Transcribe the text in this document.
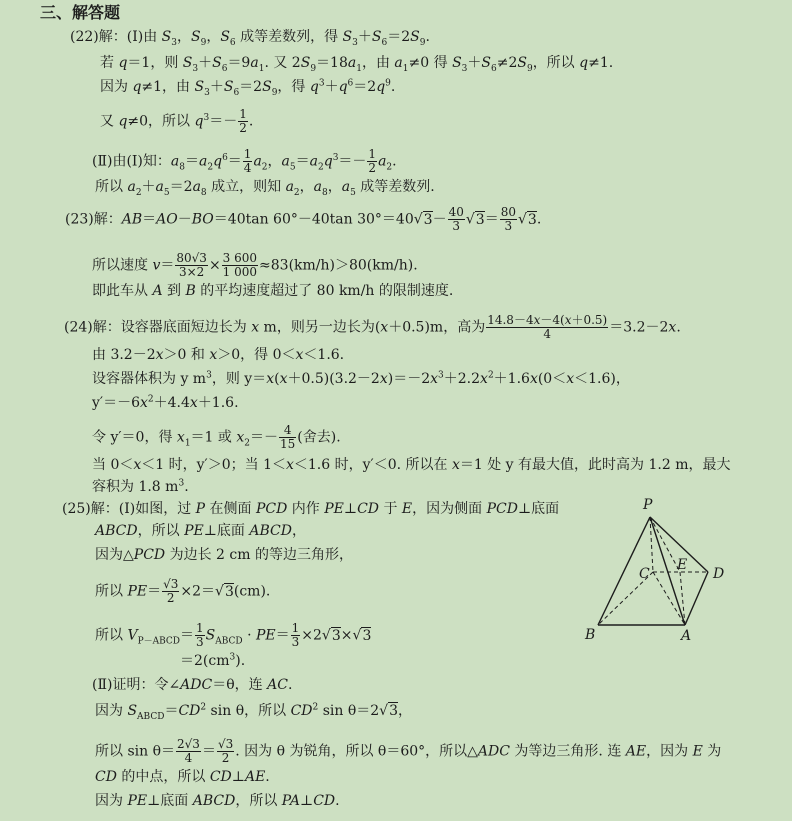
三、解答题
(22)解：(Ⅰ)由 $S_3$，$S_9$，$S_6$ 成等差数列，得 $S_3+S_6=2S_9$.
若 q＝1，则 $S_3+S_6=9a_1$. 又 $2S_9=18a_1$，由 $a_1\ne 0$ 得 $S_3+S_6\ne 2S_9$，所以 q≠1.
因为 q≠1，由 $S_3+S_6=2S_9$，得 $q^3+q^6=2q^9$.
又 q≠0，所以 $q^3=- \frac{1}{2}$ .
(Ⅱ)由(Ⅰ)知：$a_8=a_2q^6= \frac{1}{4} a_2$，$a_5=a_2q^3=- \frac{1}{2} a_2$.
所以 $a_2+a_5=2a_8$ 成立，则知 $a_2$，$a_8$，$a_5$ 成等差数列.
(23)解：AB＝AO－BO＝40tan 60°－40tan $30^\circ=40√3- \frac{40}{3} √3= \frac{80}{3} √3$.
所以速度 $v= \frac{80√3}{3\times 2} \times \frac{3 600}{1 000} \approx 83(km/h)>80(km/h)$.
即此车从 A 到 B 的平均速度超过了 80 km/h 的限制速度.
(24)解：设容器底面短边长为 x m，则另一边长为(x＋0.5)m，高为 $\frac{14.8-4x-4(x+0.5)}{4} =3.2-2x$.
由 3.2－2x＞0 和 x＞0，得 0＜x＜1.6.
设容器体积为 y $m^3$，则 $y=x(x+0.5)(3.2-2x)=-2x^3+2.2x^2+1.6x(0<x<1.6)$，
$y'=-6x^2+4.4x+1.6$.
令 y′＝0，得 $x_1=1$ 或 $x_2=- \frac{4}{15}$ (舍去).
当 0＜x＜1 时，y′＞0；当 1＜x＜1.6 时，y′＜0. 所以在 x＝1 处 y 有最大值，此时高为 1.2 m，最大
容积为 1.8 $m^3$.
(25)解：(Ⅰ)如图，过 P 在侧面 PCD 内作 PE⊥CD 于 E，因为侧面 PCD⊥底面
ABCD，所以 PE⊥底面 ABCD，
因为△PCD 为边长 2 cm 的等边三角形，
所以 $PE= \frac{√3}{2} \times 2=√3(cm)$.
所以 $V_{P-ABCD}= \frac{1}{3} S_{ABCD} \cdot PE= \frac{1}{3} \times 2√3\times√3$
$=2(cm^3)$.
(Ⅱ)证明：令∠ADC＝θ，连 AC.
因为 $S_{ABCD}=CD^2$ sin θ，所以 $CD^2$ sin θ＝2√3，
所以 $\sin \theta= \frac{2√3}{4} = \frac{√3}{2}$ . 因为 θ 为锐角，所以 θ＝60°，所以△ADC 为等边三角形. 连 AE，因为 E 为
CD 的中点，所以 CD⊥AE.
因为 PE⊥底面 ABCD，所以 PA⊥CD.
P
C
E
D
B	A
